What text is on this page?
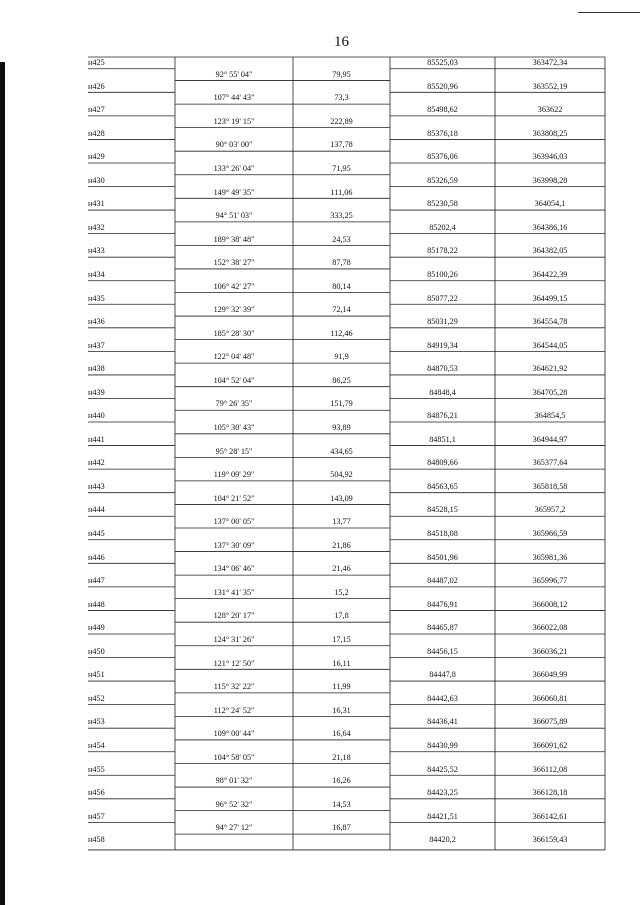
16
н425	85525,03	363472,34
92° 55' 04"	79,95
н426	85520,96	363552,19
107° 44' 43"	73,3
н427	85498,62	363622
123° 19' 15"	222,89
н428	85376,18	363808,25
90° 03' 00"	137,78
н429	85376,06	363946,03
133° 26' 04"	71,95
н430	85326,59	363998,28
149° 49' 35"	111,06
н431	85230,58	364054,1
94° 51' 03"	333,25
н432	85202,4	364386,16
189° 38' 48"	24,53
н433	85178,22	364382,05
152° 38' 27"	87,78
н434	85100,26	364422,39
106° 42' 27"	80,14
н435	85077,22	364499,15
129° 32' 39"	72,14
н436	85031,29	364554,78
185° 28' 30"	112,46
н437	84919,34	364544,05
122° 04' 48"	91,9
н438	84870,53	364621,92
104° 52' 04"	86,25
н439	84848,4	364705,28
79° 26' 35"	151,79
н440	84876,21	364854,5
105° 30' 43"	93,89
н441	84851,1	364944,97
95° 28' 15"	434,65
н442	84809,66	365377,64
119° 09' 29"	504,92
н443	84563,65	365818,58
104° 21' 52"	143,09
н444	84528,15	365957,2
137° 00' 05"	13,77
н445	84518,08	365966,59
137° 30' 09"	21,86
н446	84501,96	365981,36
134° 06' 46"	21,46
н447	84487,02	365996,77
131° 41' 35"	15,2
н448	84476,91	366008,12
128° 20' 17"	17,8
н449	84465,87	366022,08
124° 31' 26"	17,15
н450	84456,15	366036,21
121° 12' 50"	16,11
н451	84447,8	366049,99
115° 32' 22"	11,99
н452	84442,63	366060,81
112° 24' 52"	16,31
н453	84436,41	366075,89
109° 00' 44"	16,64
н454	84430,99	366091,62
104° 58' 05"	21,18
н455	84425,52	366112,08
98° 01' 32"	16,26
н456	84423,25	366128,18
96° 52' 32"	14,53
н457	84421,51	366142,61
94° 27' 12"	16,87
н458	84420,2	366159,43
